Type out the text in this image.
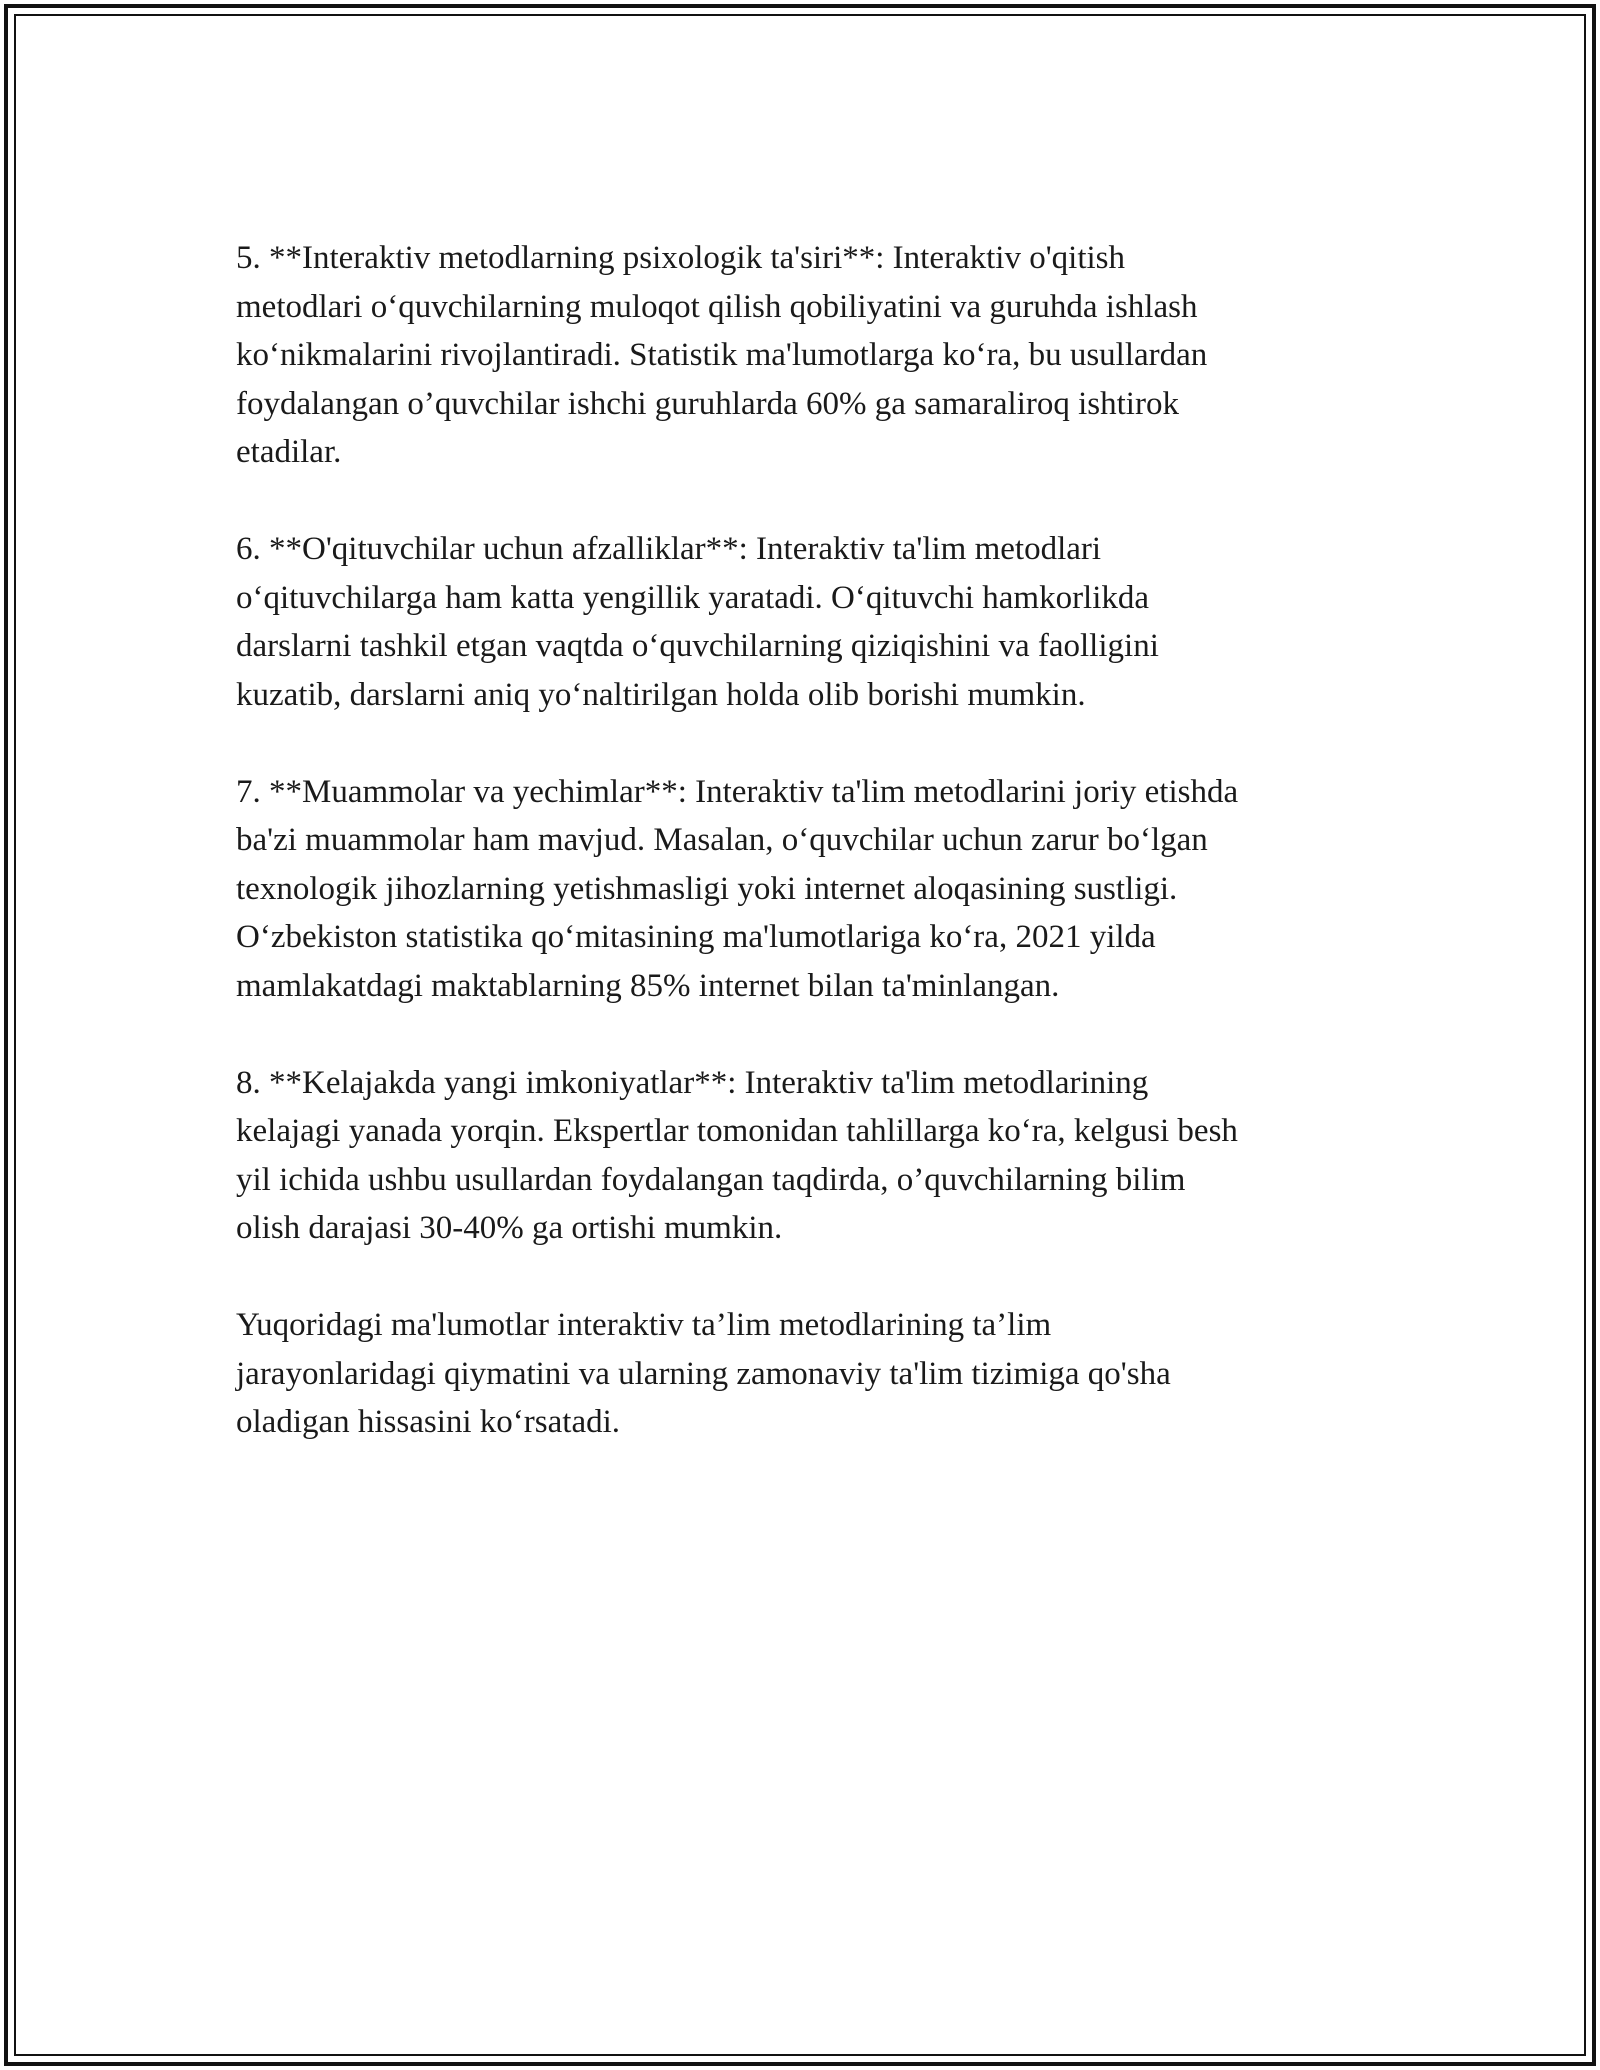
5. **Interaktiv metodlarning psixologik ta'siri**: Interaktiv o'qitish
metodlari o‘quvchilarning muloqot qilish qobiliyatini va guruhda ishlash
ko‘nikmalarini rivojlantiradi. Statistik ma'lumotlarga ko‘ra, bu usullardan
foydalangan o’quvchilar ishchi guruhlarda 60% ga samaraliroq ishtirok
etadilar.
6. **O'qituvchilar uchun afzalliklar**: Interaktiv ta'lim metodlari
o‘qituvchilarga ham katta yengillik yaratadi. O‘qituvchi hamkorlikda
darslarni tashkil etgan vaqtda o‘quvchilarning qiziqishini va faolligini
kuzatib, darslarni aniq yo‘naltirilgan holda olib borishi mumkin.
7. **Muammolar va yechimlar**: Interaktiv ta'lim metodlarini joriy etishda
ba'zi muammolar ham mavjud. Masalan, o‘quvchilar uchun zarur bo‘lgan
texnologik jihozlarning yetishmasligi yoki internet aloqasining sustligi.
O‘zbekiston statistika qo‘mitasining ma'lumotlariga ko‘ra, 2021 yilda
mamlakatdagi maktablarning 85% internet bilan ta'minlangan.
8. **Kelajakda yangi imkoniyatlar**: Interaktiv ta'lim metodlarining
kelajagi yanada yorqin. Ekspertlar tomonidan tahlillarga ko‘ra, kelgusi besh
yil ichida ushbu usullardan foydalangan taqdirda, o’quvchilarning bilim
olish darajasi 30-40% ga ortishi mumkin.
Yuqoridagi ma'lumotlar interaktiv ta’lim metodlarining ta’lim
jarayonlaridagi qiymatini va ularning zamonaviy ta'lim tizimiga qo'sha
oladigan hissasini ko‘rsatadi.
